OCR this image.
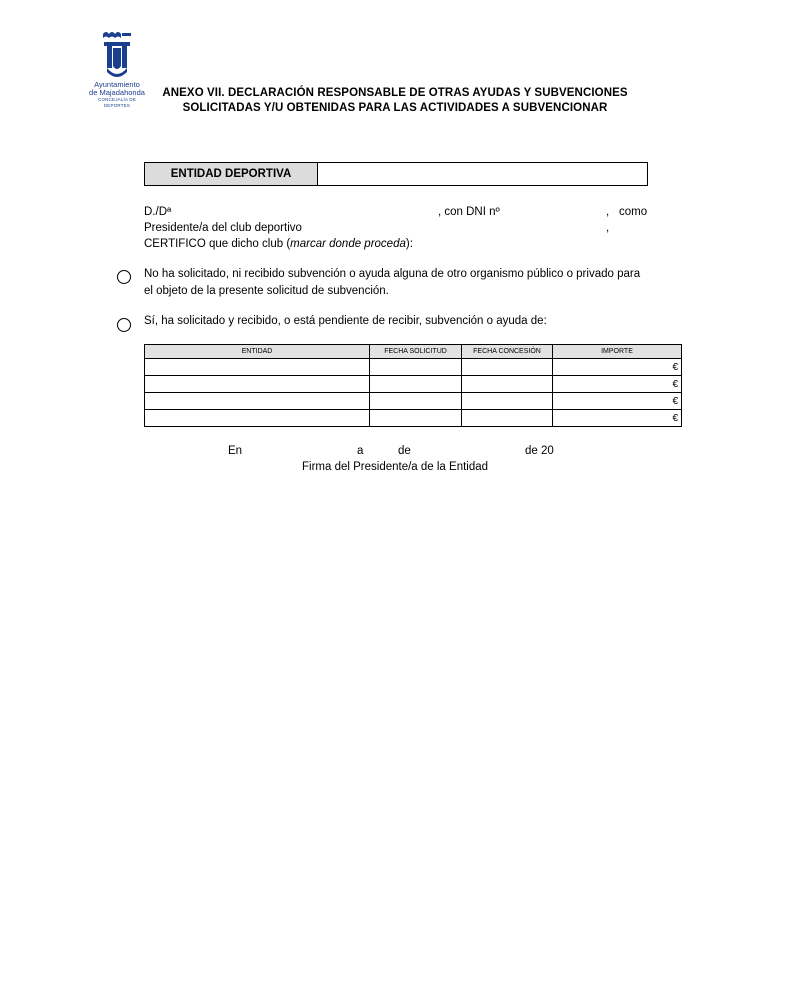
Ayuntamiento
de Majadahonda
CONCEJALÍA DE DEPORTES
ANEXO VII. DECLARACIÓN RESPONSABLE DE OTRAS AYUDAS Y SUBVENCIONES
SOLICITADAS Y/U OBTENIDAS PARA LAS ACTIVIDADES A SUBVENCIONAR
ENTIDAD DEPORTIVA
D./Dª	, con DNI nº	, como
Presidente/a del club deportivo	,
CERTIFICO que dicho club (marcar donde proceda):
No ha solicitado, ni recibido subvención o ayuda alguna de otro organismo público o privado para
el objeto de la presente solicitud de subvención.
Sí, ha solicitado y recibido, o está pendiente de recibir, subvención o ayuda de:
ENTIDAD	FECHA SOLICITUD	FECHA CONCESIÓN	IMPORTE
			€
			€
			€
			€
En	a	de	de 20
Firma del Presidente/a de la Entidad
